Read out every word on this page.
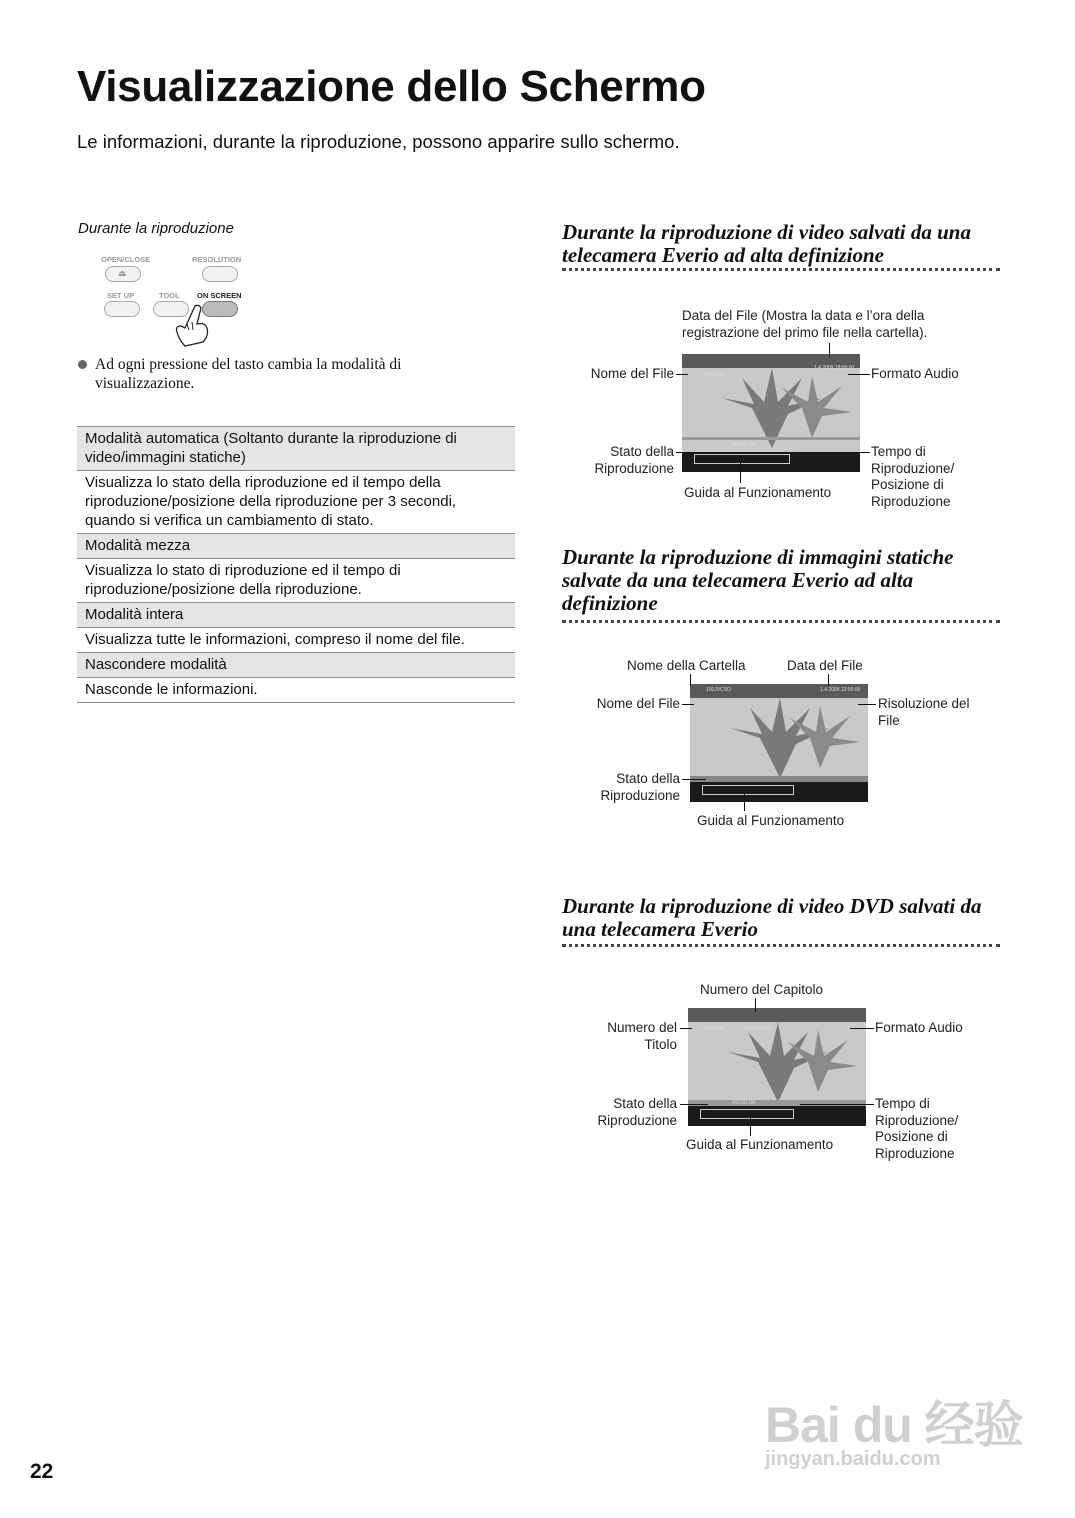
Visualizzazione dello Schermo
Le informazioni, durante la riproduzione, possono apparire sullo schermo.
Durante la riproduzione
OPEN/CLOSE	RESOLUTION
⏏
SET UP	TOOL ON SCREEN
Ad ogni pressione del tasto cambia la modalità di visualizzazione.
Modalità automatica (Soltanto durante la riproduzione di video/immagini statiche)
Visualizza lo stato della riproduzione ed il tempo della riproduzione/posizione della riproduzione per 3 secondi, quando si verifica un cambiamento di stato.
Modalità mezza
Visualizza lo stato di riproduzione ed il tempo di riproduzione/posizione della riproduzione.
Modalità intera
Visualizza tutte le informazioni, compreso il nome del file.
Nascondere modalità
Nasconde le informazioni.
Durante la riproduzione di video salvati da una telecamera Everio ad alta definizione
Data del File (Mostra la data e l’ora della registrazione del primo file nella cartella).
Nome del File	Formato Audio
Stato della Riproduzione
Tempo di Riproduzione/ Posizione di Riproduzione
Guida al Funzionamento
PRG001
1.4.2009 18:00:00
00:00:24
Durante la riproduzione di immagini statiche salvate da una telecamera Everio ad alta definizione
Nome della Cartella	Data del File
Nome del File	Risoluzione del File
Stato della Riproduzione
Guida al Funzionamento
100JVCSO	1.4.2009 12:00:00
Durante la riproduzione di video DVD salvati da una telecamera Everio
Numero del Capitolo
Numero del Titolo
Formato Audio
Stato della Riproduzione
Tempo di Riproduzione/ Posizione di Riproduzione
Guida al Funzionamento
TITOLO1	CAPITOLO1
00:00:08
Bai du 经验
jingyan.baidu.com
22
